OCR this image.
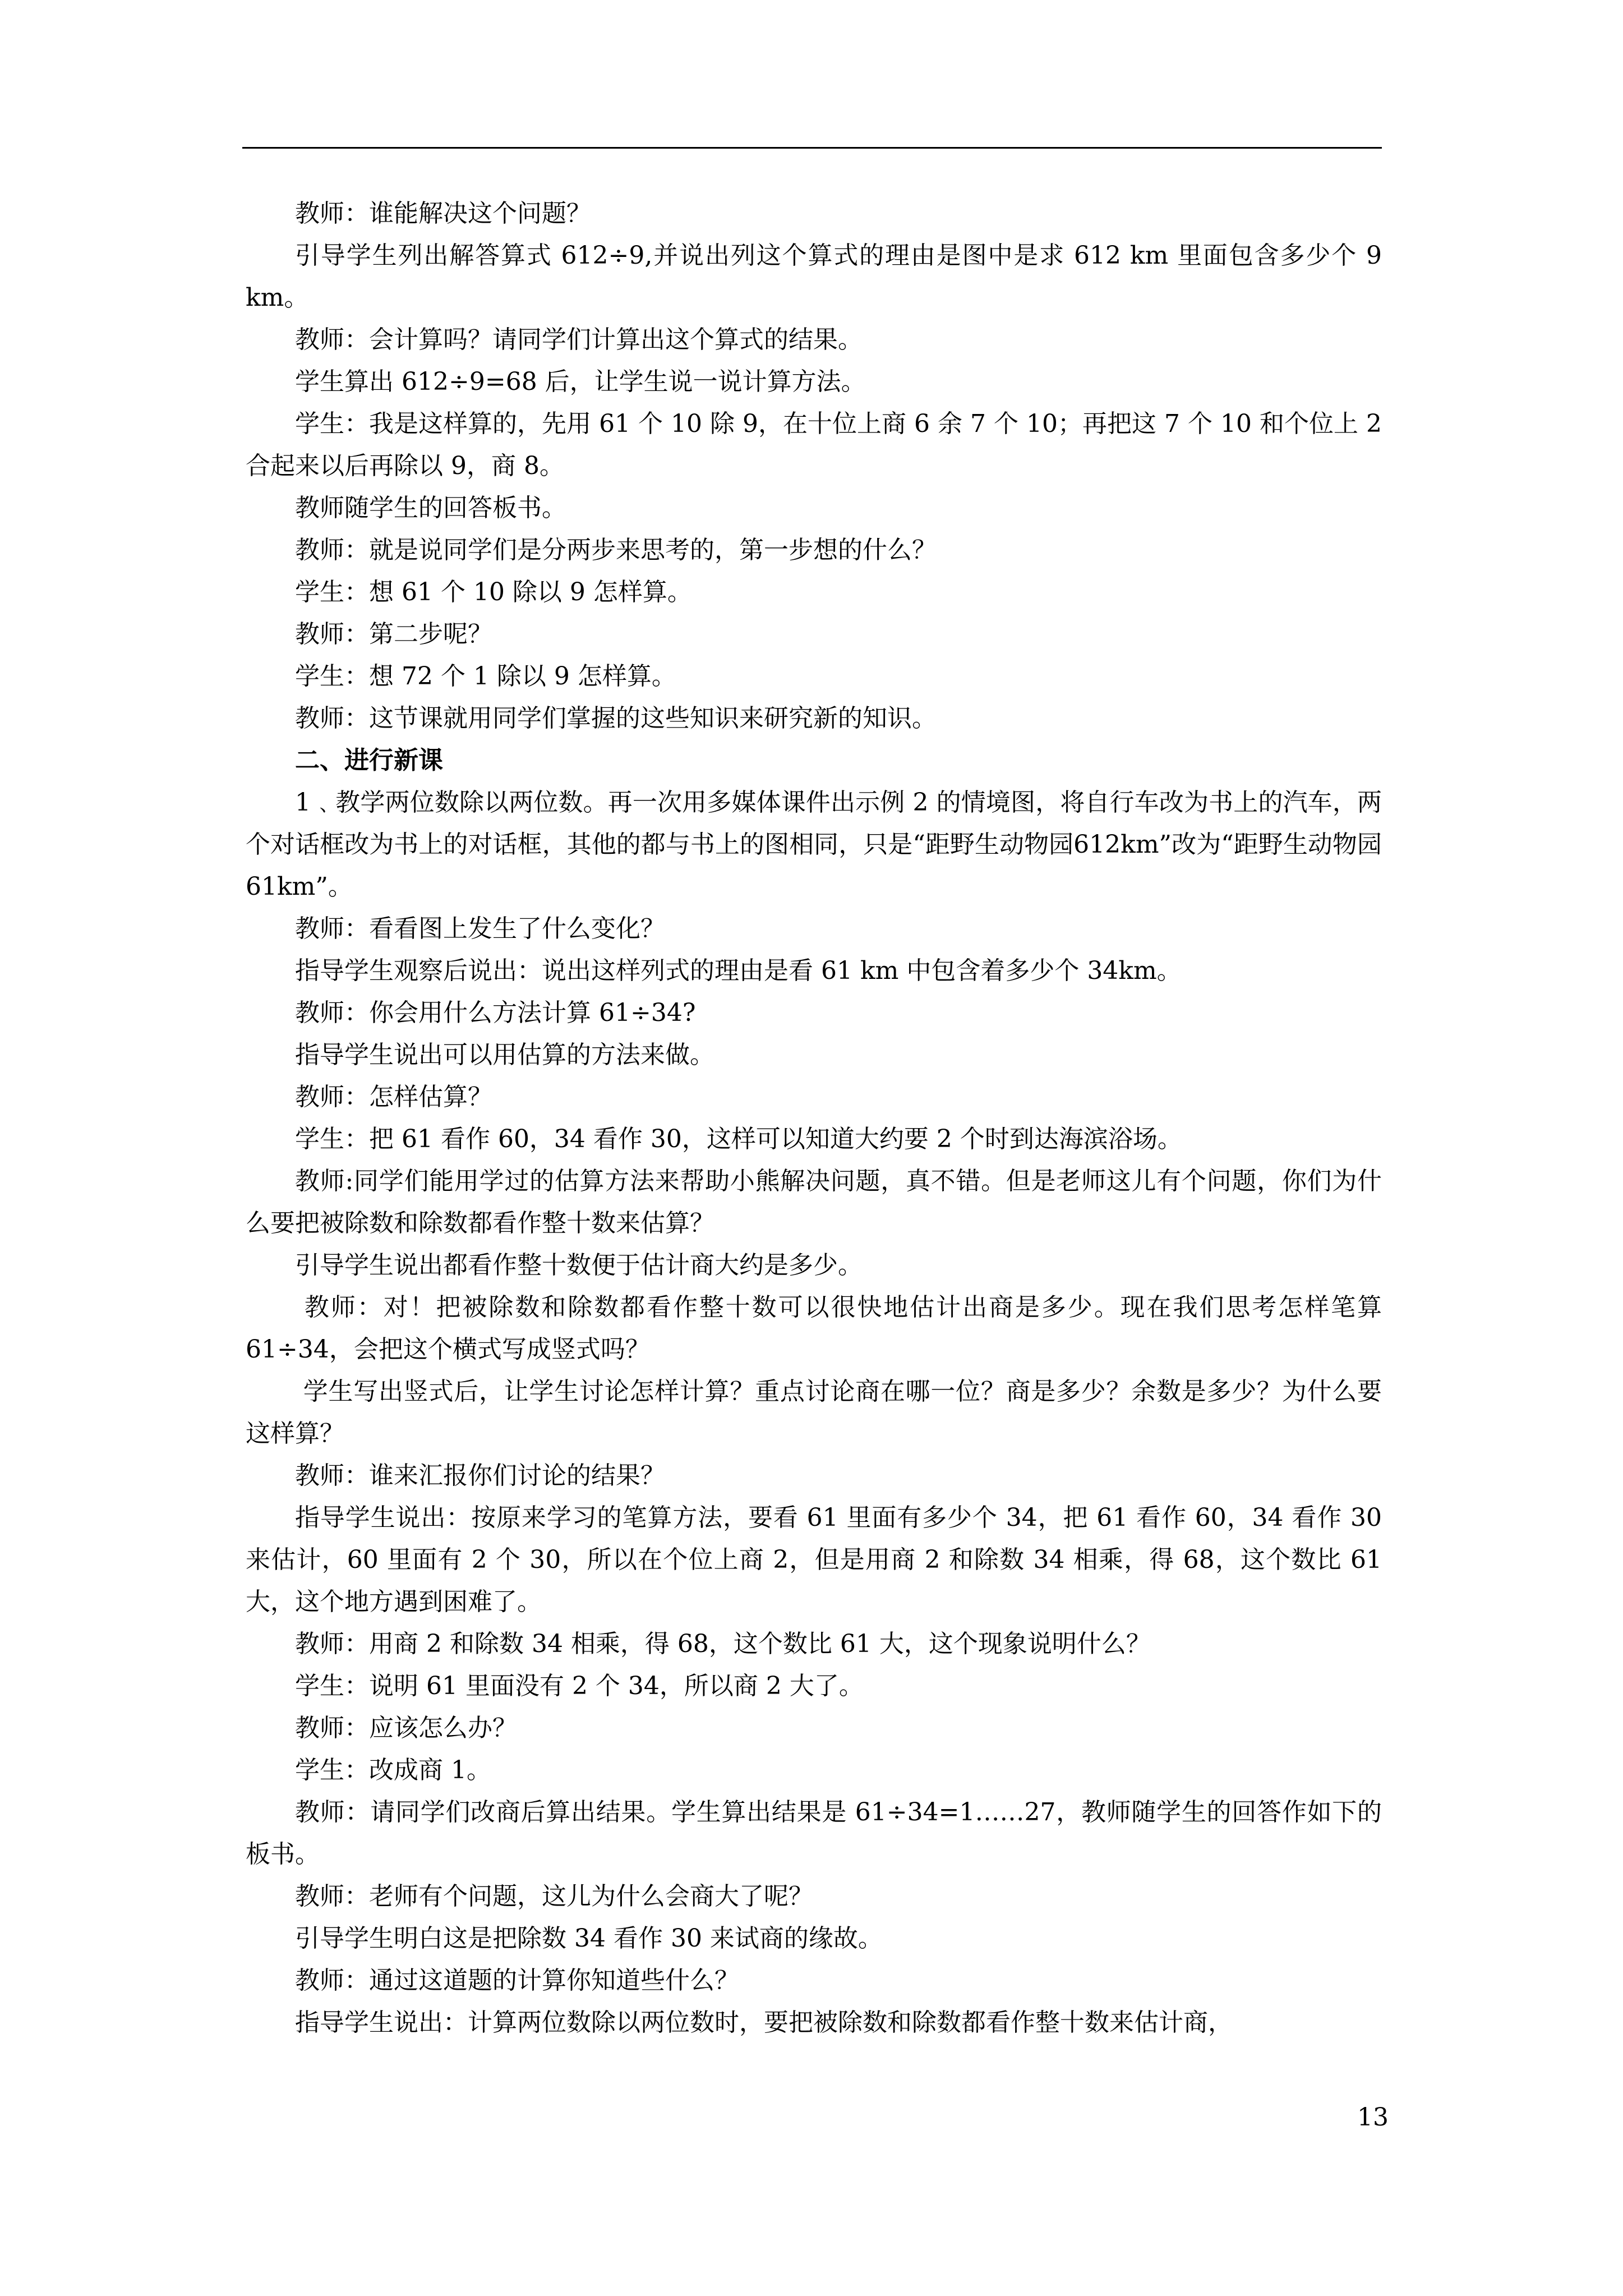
教师：谁能解决这个问题？

引导学生列出解答算式 612÷9,并说出列这个算式的理由是图中是求 612 km 里面包含多少个 9 km。

教师：会计算吗？请同学们计算出这个算式的结果。

学生算出 612÷9=68 后，让学生说一说计算方法。

学生：我是这样算的，先用 61 个 10 除 9，在十位上商 6 余 7 个 10；再把这 7 个 10 和个位上 2 合起来以后再除以 9，商 8。

教师随学生的回答板书。

教师：就是说同学们是分两步来思考的，第一步想的什么？

学生：想 61 个 10 除以 9 怎样算。

教师：第二步呢？

学生：想 72 个 1 除以 9 怎样算。

教师：这节课就用同学们掌握的这些知识来研究新的知识。

二、进行新课

1﹑教学两位数除以两位数。再一次用多媒体课件出示例 2 的情境图，将自行车改为书上的汽车，两个对话框改为书上的对话框，其他的都与书上的图相同，只是“距野生动物园612km”改为“距野生动物园 61km”。

教师：看看图上发生了什么变化？

指导学生观察后说出：说出这样列式的理由是看 61 km 中包含着多少个 34km。

教师：你会用什么方法计算 61÷34?

指导学生说出可以用估算的方法来做。

教师：怎样估算？

学生：把 61 看作 60，34 看作 30，这样可以知道大约要 2 个时到达海滨浴场。

教师:同学们能用学过的估算方法来帮助小熊解决问题，真不错。但是老师这儿有个问题，你们为什么要把被除数和除数都看作整十数来估算？

引导学生说出都看作整十数便于估计商大约是多少。

教师：对！把被除数和除数都看作整十数可以很快地估计出商是多少。现在我们思考怎样笔算 61÷34，会把这个横式写成竖式吗？

学生写出竖式后，让学生讨论怎样计算？重点讨论商在哪一位？商是多少？余数是多少？为什么要这样算？

教师：谁来汇报你们讨论的结果？

指导学生说出：按原来学习的笔算方法，要看 61 里面有多少个 34，把 61 看作 60，34 看作 30 来估计，60 里面有 2 个 30，所以在个位上商 2，但是用商 2 和除数 34 相乘，得 68，这个数比 61 大，这个地方遇到困难了。

教师：用商 2 和除数 34 相乘，得 68，这个数比 61 大，这个现象说明什么？

学生：说明 61 里面没有 2 个 34，所以商 2 大了。

教师：应该怎么办？

学生：改成商 1。

教师：请同学们改商后算出结果。学生算出结果是 61÷34=1……27，教师随学生的回答作如下的板书。

教师：老师有个问题，这儿为什么会商大了呢？

引导学生明白这是把除数 34 看作 30 来试商的缘故。

教师：通过这道题的计算你知道些什么？

指导学生说出：计算两位数除以两位数时，要把被除数和除数都看作整十数来估计商，

13
